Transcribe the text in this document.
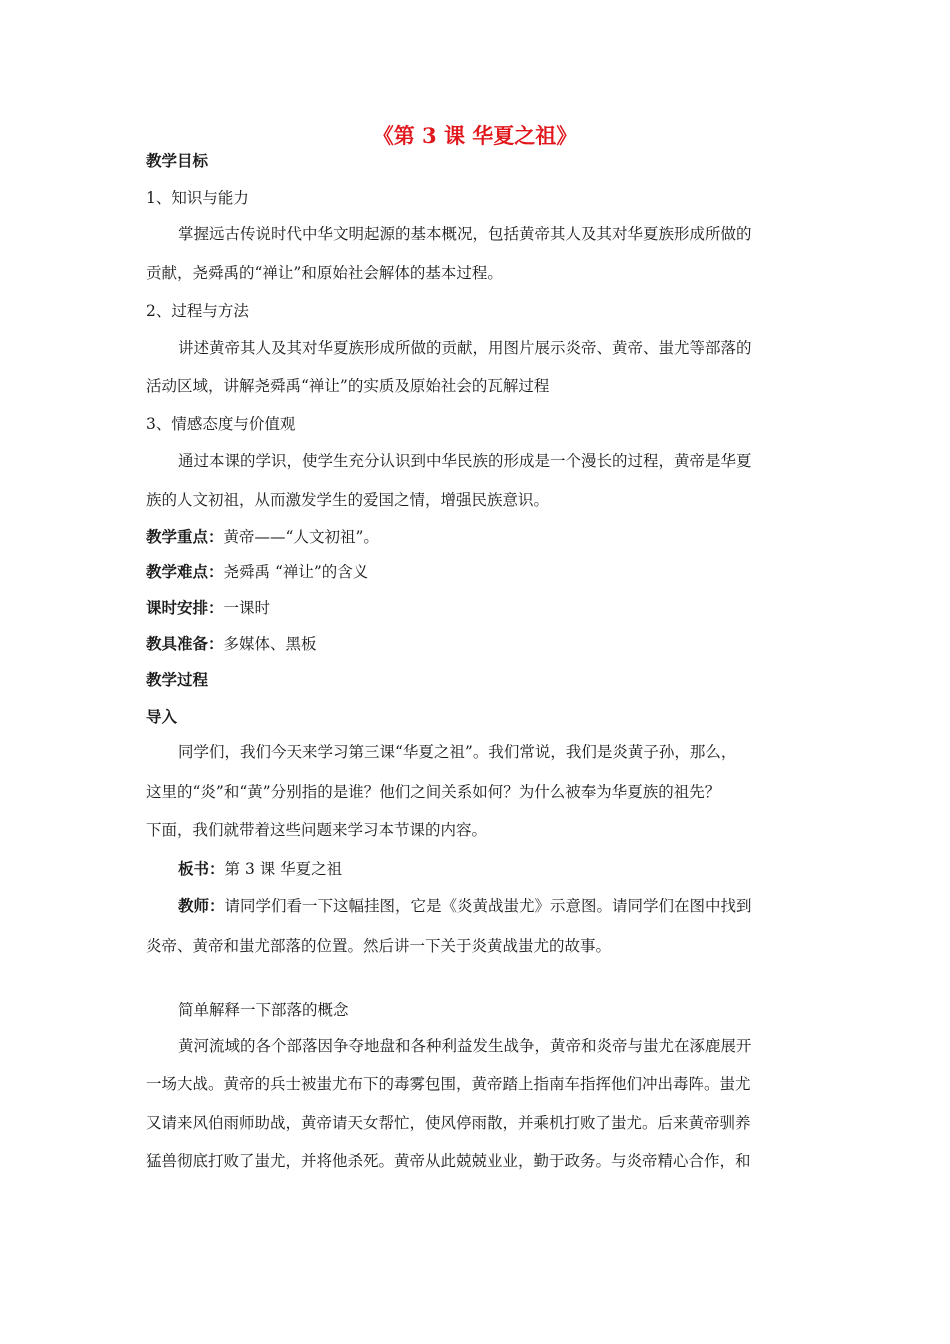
《第 3 课 华夏之祖》
教学目标
1、知识与能力
掌握远古传说时代中华文明起源的基本概况，包括黄帝其人及其对华夏族形成所做的
贡献，尧舜禹的“禅让”和原始社会解体的基本过程。
2、过程与方法
讲述黄帝其人及其对华夏族形成所做的贡献，用图片展示炎帝、黄帝、蚩尤等部落的
活动区域，讲解尧舜禹“禅让”的实质及原始社会的瓦解过程
3、情感态度与价值观
通过本课的学识，使学生充分认识到中华民族的形成是一个漫长的过程，黄帝是华夏
族的人文初祖，从而激发学生的爱国之情，增强民族意识。
教学重点：黄帝——“人文初祖”。
教学难点：尧舜禹 “禅让”的含义
课时安排：一课时
教具准备：多媒体、黑板
教学过程
导入
同学们，我们今天来学习第三课“华夏之祖”。我们常说，我们是炎黄子孙，那么，
这里的“炎”和“黄”分别指的是谁？他们之间关系如何？为什么被奉为华夏族的祖先？
下面，我们就带着这些问题来学习本节课的内容。
板书：第 3 课 华夏之祖
教师：请同学们看一下这幅挂图，它是《炎黄战蚩尤》示意图。请同学们在图中找到
炎帝、黄帝和蚩尤部落的位置。然后讲一下关于炎黄战蚩尤的故事。
简单解释一下部落的概念
黄河流域的各个部落因争夺地盘和各种利益发生战争，黄帝和炎帝与蚩尤在涿鹿展开
一场大战。黄帝的兵士被蚩尤布下的毒雾包围，黄帝踏上指南车指挥他们冲出毒阵。蚩尤
又请来风伯雨师助战，黄帝请天女帮忙，使风停雨散，并乘机打败了蚩尤。后来黄帝驯养
猛兽彻底打败了蚩尤，并将他杀死。黄帝从此兢兢业业，勤于政务。与炎帝精心合作，和
